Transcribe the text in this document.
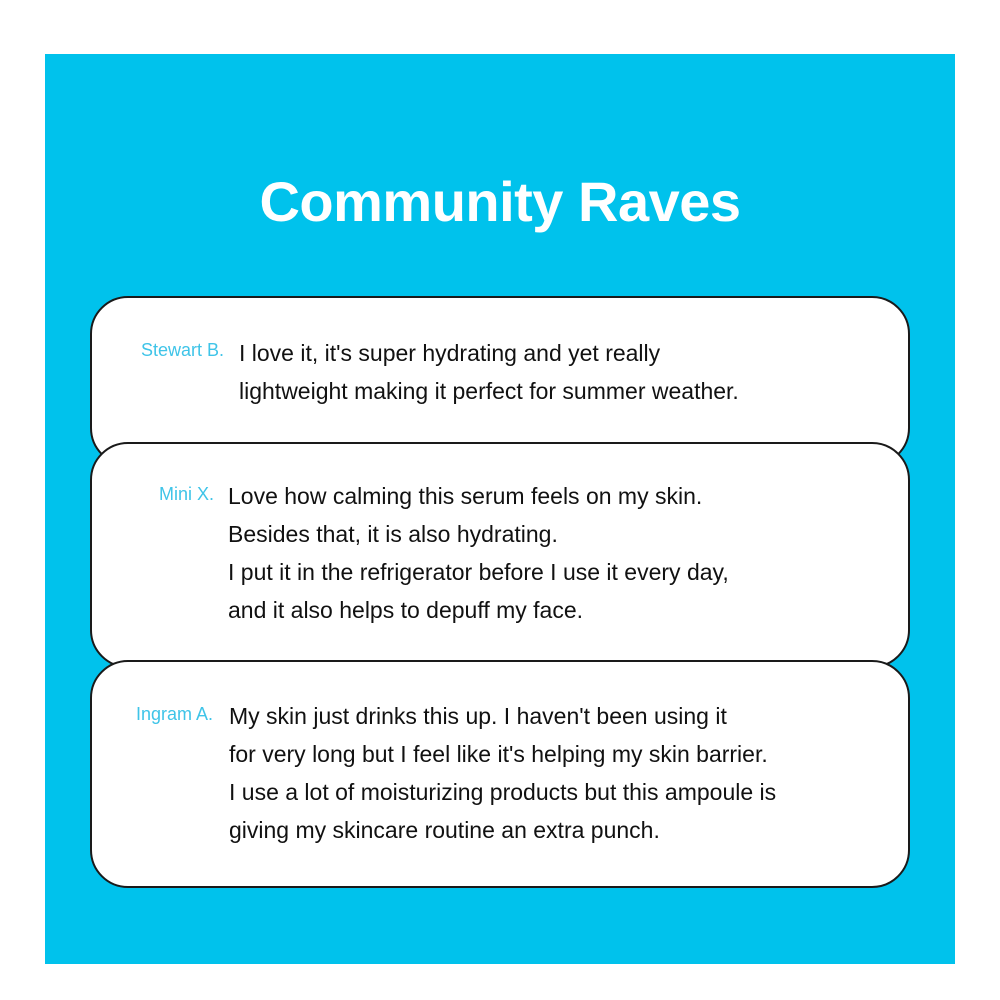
Community Raves
Stewart B. I love it, it's super hydrating and yet really
lightweight making it perfect for summer weather.
Mini X. Love how calming this serum feels on my skin.
Besides that, it is also hydrating.
I put it in the refrigerator before I use it every day,
and it also helps to depuff my face.
Ingram A. My skin just drinks this up. I haven't been using it
for very long but I feel like it's helping my skin barrier.
I use a lot of moisturizing products but this ampoule is
giving my skincare routine an extra punch.
